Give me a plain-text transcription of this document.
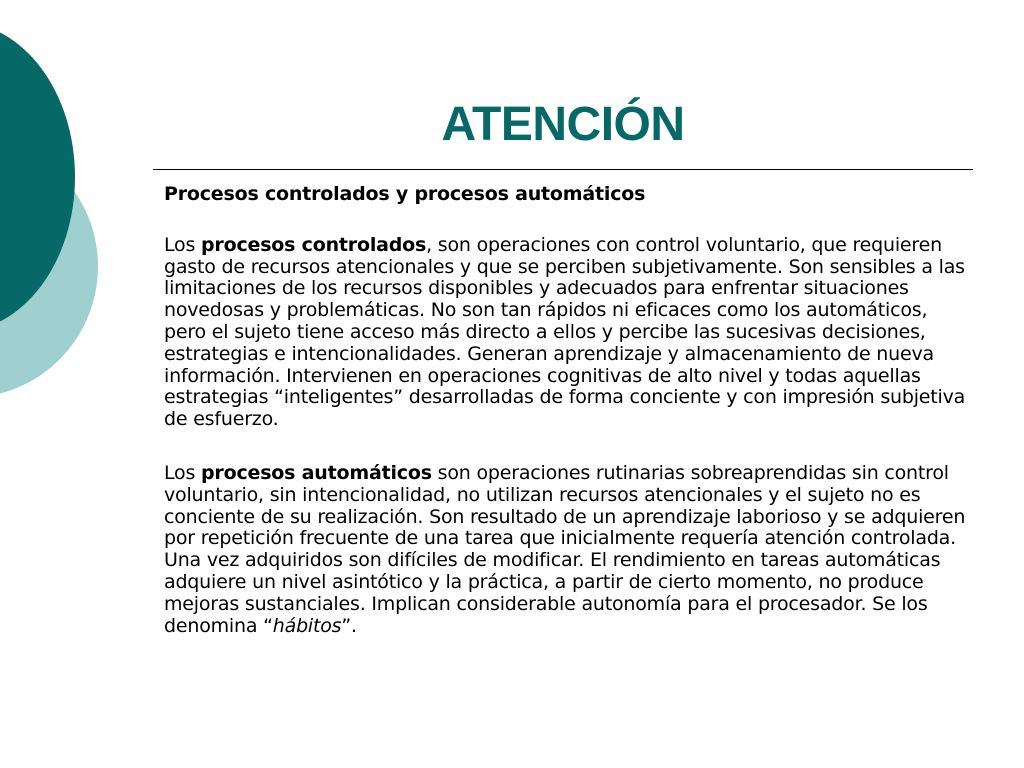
ATENCIÓN

Procesos controlados y procesos automáticos

Los procesos controlados, son operaciones con control voluntario, que requieren gasto de recursos atencionales y que se perciben subjetivamente. Son sensibles a las limitaciones de los recursos disponibles y adecuados para enfrentar situaciones novedosas y problemáticas. No son tan rápidos ni eficaces como los automáticos, pero el sujeto tiene acceso más directo a ellos y percibe las sucesivas decisiones, estrategias e intencionalidades. Generan aprendizaje y almacenamiento de nueva información. Intervienen en operaciones cognitivas de alto nivel y todas aquellas estrategias “inteligentes” desarrolladas de forma conciente y con impresión subjetiva de esfuerzo.

Los procesos automáticos son operaciones rutinarias sobreaprendidas sin control voluntario, sin intencionalidad, no utilizan recursos atencionales y el sujeto no es conciente de su realización. Son resultado de un aprendizaje laborioso y se adquieren por repetición frecuente de una tarea que inicialmente requería atención controlada. Una vez adquiridos son difíciles de modificar. El rendimiento en tareas automáticas adquiere un nivel asintótico y la práctica, a partir de cierto momento, no produce mejoras sustanciales. Implican considerable autonomía para el procesador. Se los denomina “hábitos”.
